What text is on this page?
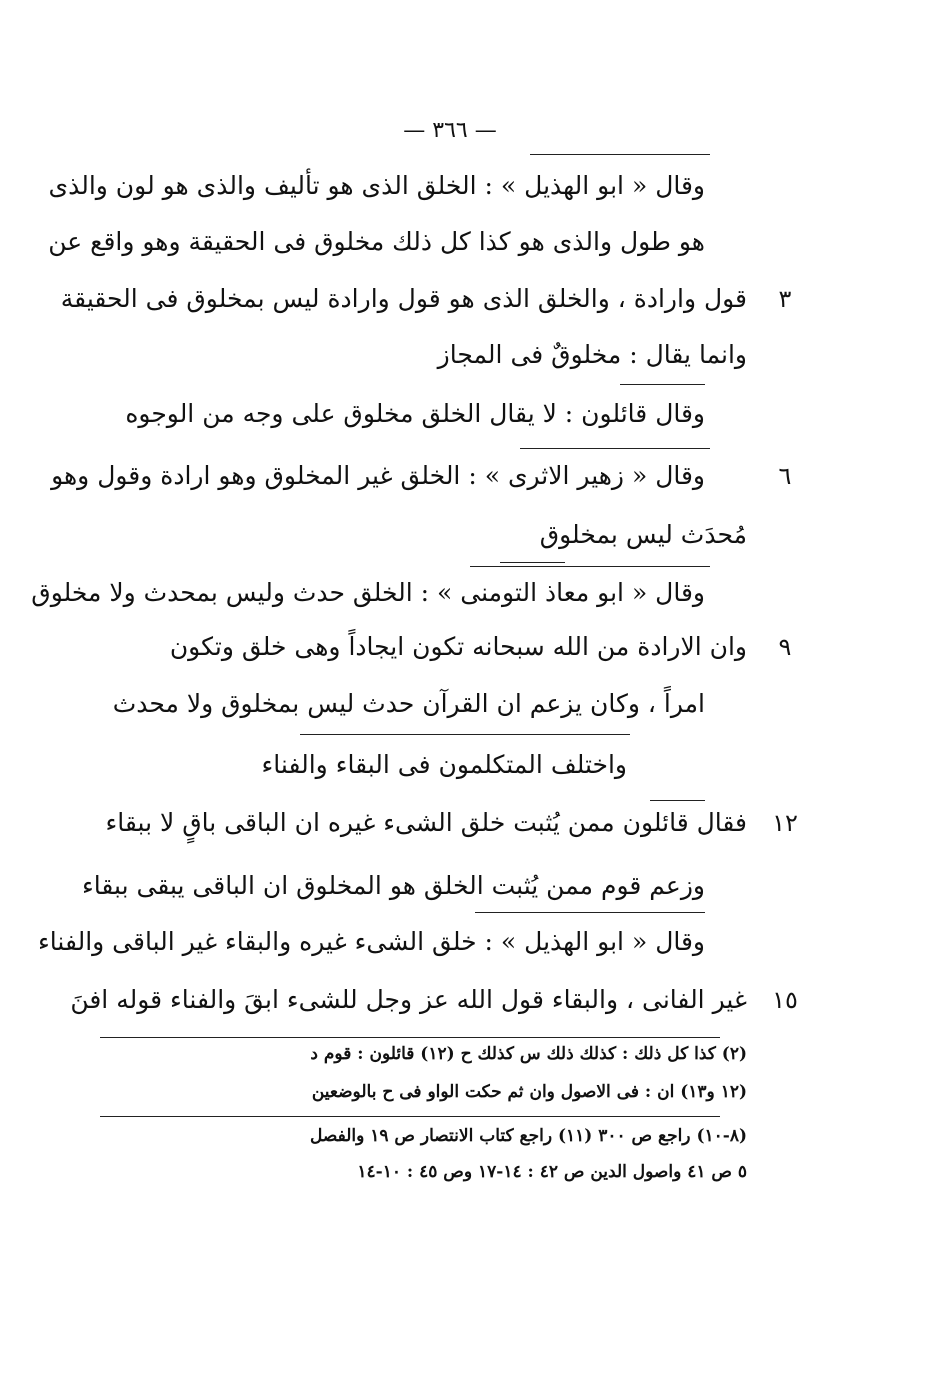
— ٣٦٦ —
وقال « ابو الهذيل » : الخلق الذى هو تأليف والذى هو لون والذى
هو طول والذى هو كذا كل ذلك مخلوق فى الحقيقة وهو واقع عن
قول وارادة ، والخلق الذى هو قول وارادة ليس بمخلوق فى الحقيقة
وانما يقال : مخلوقٌ فى المجاز
وقال قائلون : لا يقال الخلق مخلوق على وجه من الوجوه
وقال « زهير الاثرى » : الخلق غير المخلوق وهو ارادة وقول وهو
مُحدَث ليس بمخلوق
وقال « ابو معاذ التومنى » : الخلق حدث وليس بمحدث ولا مخلوق
وان الارادة من الله سبحانه تكون ايجاداً وهى خلق وتكون
امراً ، وكان يزعم ان القرآن حدث ليس بمخلوق ولا محدث
واختلف المتكلمون فى البقاء والفناء
فقال قائلون ممن يُثبت خلق الشىء غيره ان الباقى باقٍ لا ببقاء
وزعم قوم ممن يُثبت الخلق هو المخلوق ان الباقى يبقى ببقاء
وقال « ابو الهذيل » : خلق الشىء غيره والبقاء غير الباقى والفناء
غير الفانى ، والبقاء قول الله عز وجل للشىء ابقَ والفناء قوله افنَ
٣
٦
٩
١٢
١٥
(٢) كذا كل ذلك : كذلك ذلك س كذلك ح (١٢) قائلون : قوم د
(١٢ و١٣) ان : فى الاصول وان ثم حكت الواو فى ح بالوضعين
(٨-١٠) راجع ص ٣٠٠ (١١) راجع كتاب الانتصار ص ١٩ والفصل
٥ ص ٤١ واصول الدين ص ٤٢ : ١٤-١٧ وص ٤٥ : ١٠-١٤
